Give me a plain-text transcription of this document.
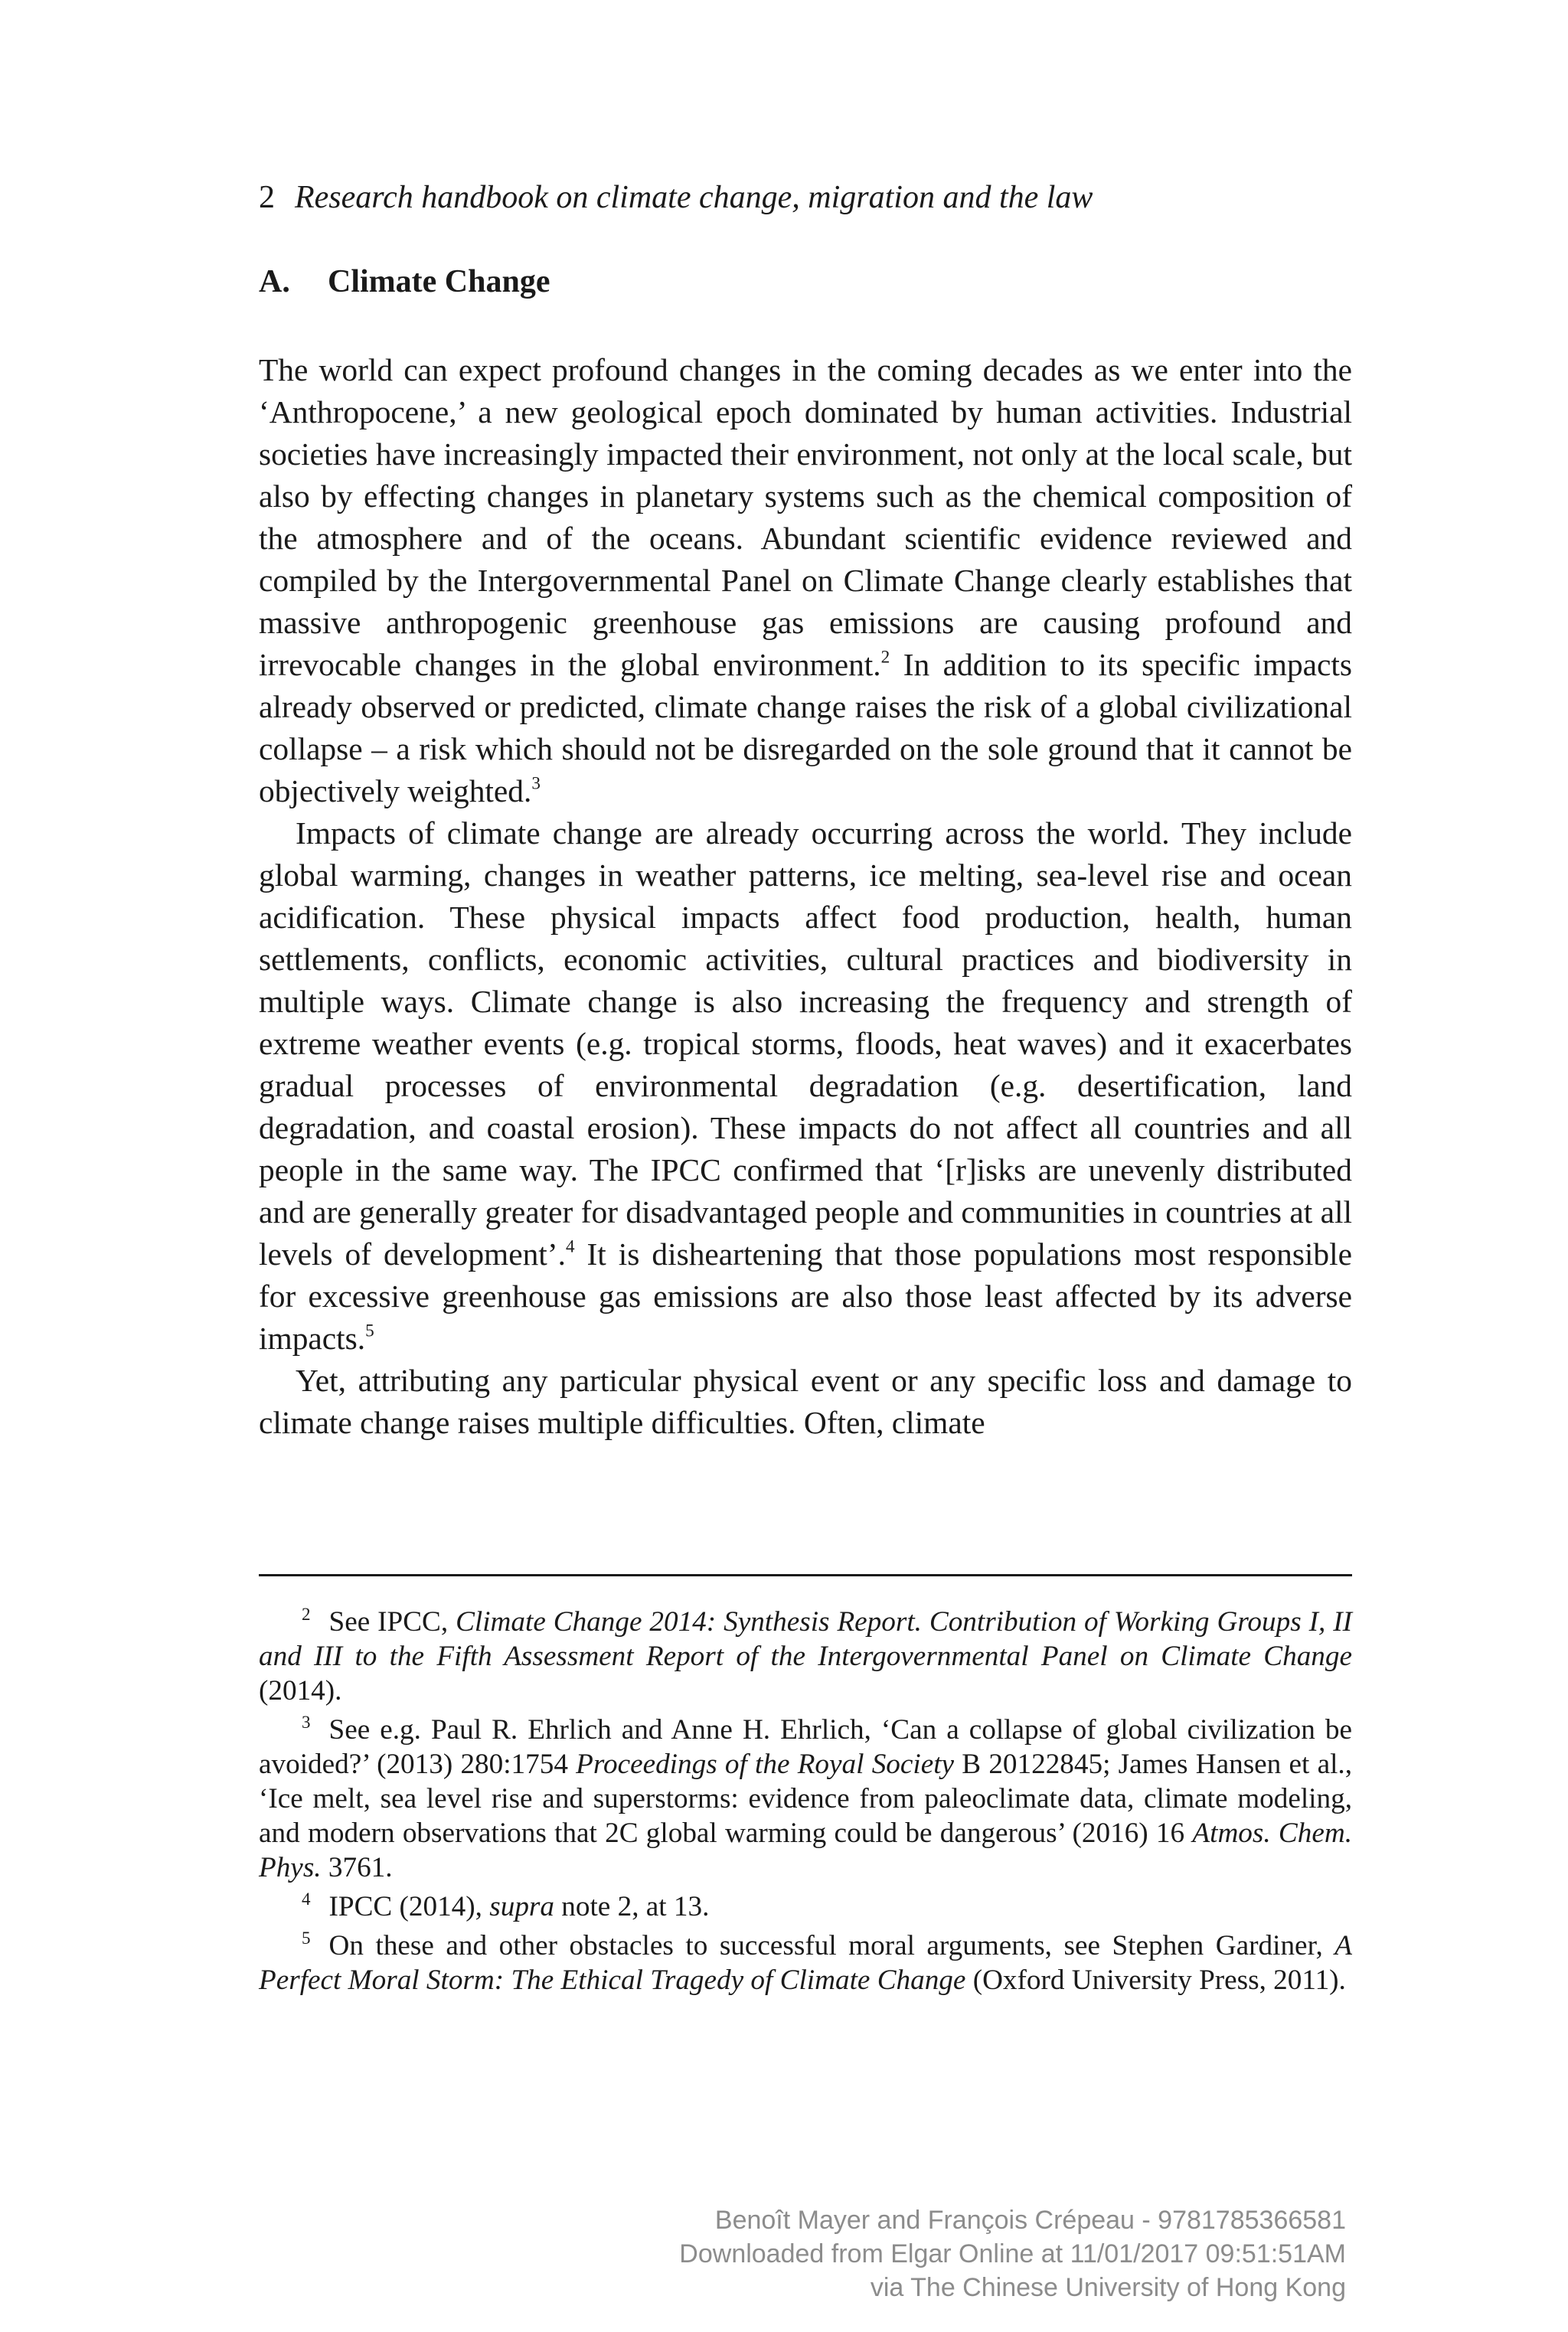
2 Research handbook on climate change, migration and the law
A. Climate Change

The world can expect profound changes in the coming decades as we enter into the ‘Anthropocene,’ a new geological epoch dominated by human activities. Industrial societies have increasingly impacted their environment, not only at the local scale, but also by effecting changes in planetary systems such as the chemical composition of the atmosphere and of the oceans. Abundant scientific evidence reviewed and compiled by the Intergovernmental Panel on Climate Change clearly establishes that massive anthropogenic greenhouse gas emissions are causing profound and irrevocable changes in the global environment.$^2$ In addition to its specific impacts already observed or predicted, climate change raises the risk of a global civilizational collapse – a risk which should not be disregarded on the sole ground that it cannot be objectively weighted.$^3$

Impacts of climate change are already occurring across the world. They include global warming, changes in weather patterns, ice melting, sea-level rise and ocean acidification. These physical impacts affect food production, health, human settlements, conflicts, economic activities, cultural practices and biodiversity in multiple ways. Climate change is also increasing the frequency and strength of extreme weather events (e.g. tropical storms, floods, heat waves) and it exacerbates gradual processes of environmental degradation (e.g. desertification, land degradation, and coastal erosion). These impacts do not affect all countries and all people in the same way. The IPCC confirmed that ‘[r]isks are unevenly distributed and are generally greater for disadvantaged people and communities in countries at all levels of development’.$^4$ It is disheartening that those populations most responsible for excessive greenhouse gas emissions are also those least affected by its adverse impacts.$^5$

Yet, attributing any particular physical event or any specific loss and damage to climate change raises multiple difficulties. Often, climate

$^2$ See IPCC, Climate Change 2014: Synthesis Report. Contribution of Working Groups I, II and III to the Fifth Assessment Report of the Intergovernmental Panel on Climate Change (2014).

$^3$ See e.g. Paul R. Ehrlich and Anne H. Ehrlich, ‘Can a collapse of global civilization be avoided?’ (2013) 280:1754 Proceedings of the Royal Society B 20122845; James Hansen et al., ‘Ice melt, sea level rise and superstorms: evidence from paleoclimate data, climate modeling, and modern observations that 2C global warming could be dangerous’ (2016) 16 Atmos. Chem. Phys. 3761.

$^4$ IPCC (2014), supra note 2, at 13.

$^5$ On these and other obstacles to successful moral arguments, see Stephen Gardiner, A Perfect Moral Storm: The Ethical Tragedy of Climate Change (Oxford University Press, 2011).

Benoît Mayer and François Crépeau - 9781785366581
Downloaded from Elgar Online at 11/01/2017 09:51:51AM
via The Chinese University of Hong Kong
